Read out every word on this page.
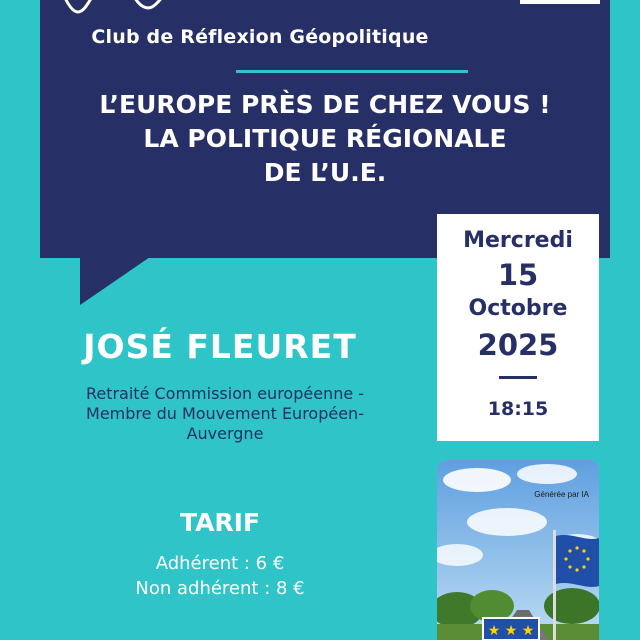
Club de Réflexion Géopolitique
L’EUROPE PRÈS DE CHEZ VOUS !
LA POLITIQUE RÉGIONALE
DE L’U.E.
Mercredi
15
Octobre
2025
18:15
JOSÉ FLEURET
Retraité Commission européenne -
Membre du Mouvement Européen-
Auvergne
TARIF
Adhérent : 6 €
Non adhérent : 8 €
★ ★ ★
Générée par IA
